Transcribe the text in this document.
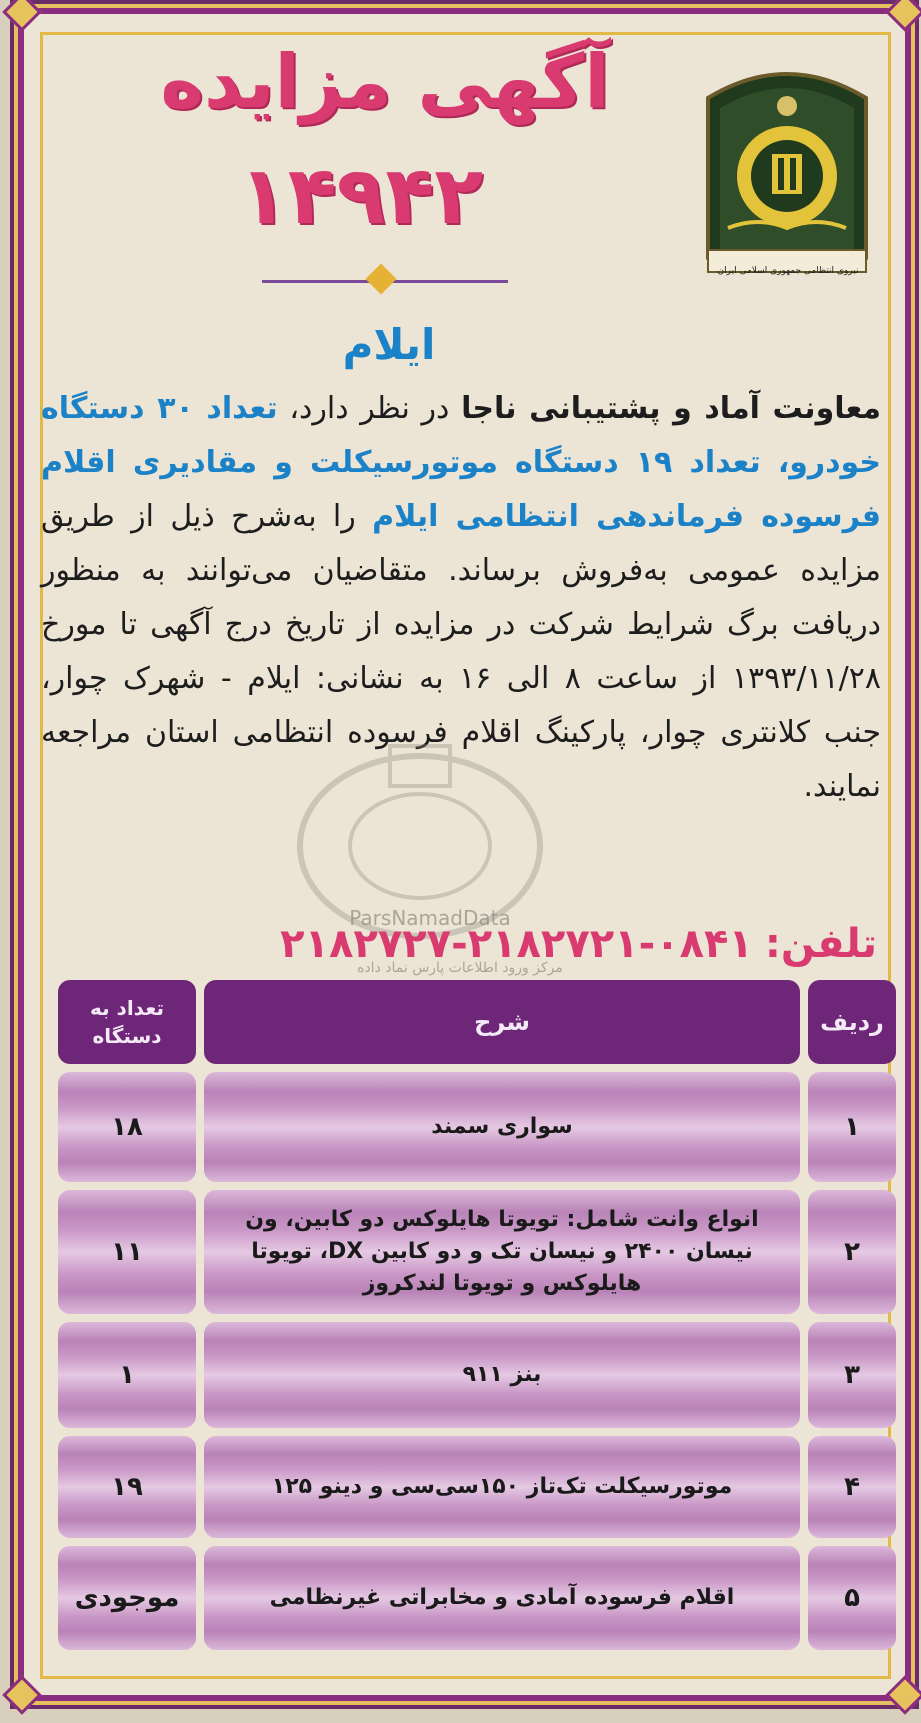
نیروی انتظامی جمهوری اسلامی ایران
آگهی مزایده
۱۴۹۴۲
ایلام
معاونت آماد و پشتیبانی ناجا در نظر دارد، تعداد ۳۰ دستگاه خودرو، تعداد ۱۹ دستگاه موتورسیکلت و مقادیری اقلام فرسوده فرماندهی انتظامی ایلام را به‌شرح ذیل از طریق مزایده عمومی به‌فروش برساند. متقاضیان می‌توانند به منظور دریافت برگ شرایط شرکت در مزایده از تاریخ درج آگهی تا مورخ ۱۳۹۳/۱۱/۲۸ از ساعت ۸ الی ۱۶ به نشانی: ایلام - شهرک چوار، جنب کلانتری چوار، پارکینگ اقلام فرسوده انتظامی استان مراجعه نمایند.
ParsNamadData
مرکز ورود اطلاعات پارس نماد داده
تلفن:۰۸۴۱-۲۱۸۲۷۲۱-۲۱۸۲۷۲۷
ردیف
شرح
تعداد به دستگاه
۱
سواری سمند
۱۸
۲
انواع وانت شامل: تویوتا هایلوکس دو کابین، ون نیسان ۲۴۰۰ و نیسان تک و دو کابین DX، تویوتا هایلوکس و تویوتا لندکروز
۱۱
۳
بنز ۹۱۱
۱
۴
موتورسیکلت تک‌تاز ۱۵۰سی‌سی و دینو ۱۲۵
۱۹
۵
اقلام فرسوده آمادی و مخابراتی غیرنظامی
موجودی
